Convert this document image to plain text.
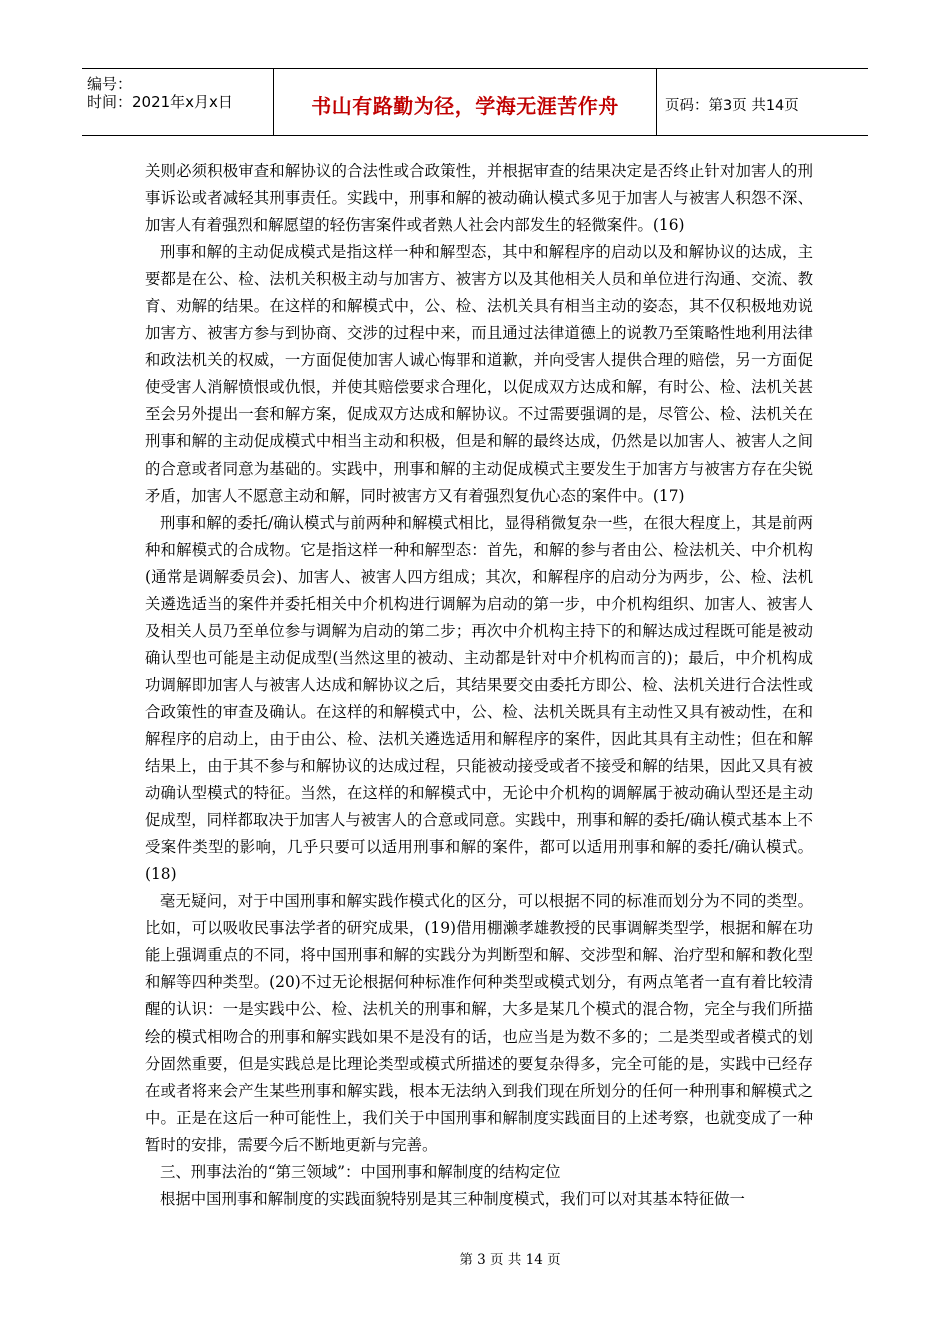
编号：
时间：2021年x月x日	书山有路勤为径，学海无涯苦作舟	页码：第3页 共14页

关则必须积极审查和解协议的合法性或合政策性，并根据审查的结果决定是否终止针对加害人的刑事诉讼或者减轻其刑事责任。实践中，刑事和解的被动确认模式多见于加害人与被害人积怨不深、加害人有着强烈和解愿望的轻伤害案件或者熟人社会内部发生的轻微案件。(16)

刑事和解的主动促成模式是指这样一种和解型态，其中和解程序的启动以及和解协议的达成，主要都是在公、检、法机关积极主动与加害方、被害方以及其他相关人员和单位进行沟通、交流、教育、劝解的结果。在这样的和解模式中，公、检、法机关具有相当主动的姿态，其不仅积极地劝说加害方、被害方参与到协商、交涉的过程中来，而且通过法律道德上的说教乃至策略性地利用法律和政法机关的权威，一方面促使加害人诚心悔罪和道歉，并向受害人提供合理的赔偿，另一方面促使受害人消解愤恨或仇恨，并使其赔偿要求合理化，以促成双方达成和解，有时公、检、法机关甚至会另外提出一套和解方案，促成双方达成和解协议。不过需要强调的是，尽管公、检、法机关在刑事和解的主动促成模式中相当主动和积极，但是和解的最终达成，仍然是以加害人、被害人之间的合意或者同意为基础的。实践中，刑事和解的主动促成模式主要发生于加害方与被害方存在尖锐矛盾，加害人不愿意主动和解，同时被害方又有着强烈复仇心态的案件中。(17)

刑事和解的委托/确认模式与前两种和解模式相比，显得稍微复杂一些，在很大程度上，其是前两种和解模式的合成物。它是指这样一种和解型态：首先，和解的参与者由公、检法机关、中介机构(通常是调解委员会)、加害人、被害人四方组成；其次，和解程序的启动分为两步，公、检、法机关遴选适当的案件并委托相关中介机构进行调解为启动的第一步，中介机构组织、加害人、被害人及相关人员乃至单位参与调解为启动的第二步；再次中介机构主持下的和解达成过程既可能是被动确认型也可能是主动促成型(当然这里的被动、主动都是针对中介机构而言的)；最后，中介机构成功调解即加害人与被害人达成和解协议之后，其结果要交由委托方即公、检、法机关进行合法性或合政策性的审查及确认。在这样的和解模式中，公、检、法机关既具有主动性又具有被动性，在和解程序的启动上，由于由公、检、法机关遴选适用和解程序的案件，因此其具有主动性；但在和解结果上，由于其不参与和解协议的达成过程，只能被动接受或者不接受和解的结果，因此又具有被动确认型模式的特征。当然，在这样的和解模式中，无论中介机构的调解属于被动确认型还是主动促成型，同样都取决于加害人与被害人的合意或同意。实践中，刑事和解的委托/确认模式基本上不受案件类型的影响，几乎只要可以适用刑事和解的案件，都可以适用刑事和解的委托/确认模式。(18)

毫无疑问，对于中国刑事和解实践作模式化的区分，可以根据不同的标准而划分为不同的类型。比如，可以吸收民事法学者的研究成果，(19)借用棚濑孝雄教授的民事调解类型学，根据和解在功能上强调重点的不同，将中国刑事和解的实践分为判断型和解、交涉型和解、治疗型和解和教化型和解等四种类型。(20)不过无论根据何种标准作何种类型或模式划分，有两点笔者一直有着比较清醒的认识：一是实践中公、检、法机关的刑事和解，大多是某几个模式的混合物，完全与我们所描绘的模式相吻合的刑事和解实践如果不是没有的话，也应当是为数不多的；二是类型或者模式的划分固然重要，但是实践总是比理论类型或模式所描述的要复杂得多，完全可能的是，实践中已经存在或者将来会产生某些刑事和解实践，根本无法纳入到我们现在所划分的任何一种刑事和解模式之中。正是在这后一种可能性上，我们关于中国刑事和解制度实践面目的上述考察，也就变成了一种暂时的安排，需要今后不断地更新与完善。

三、刑事法治的“第三领域”：中国刑事和解制度的结构定位

根据中国刑事和解制度的实践面貌特别是其三种制度模式，我们可以对其基本特征做一

第 3 页 共 14 页
